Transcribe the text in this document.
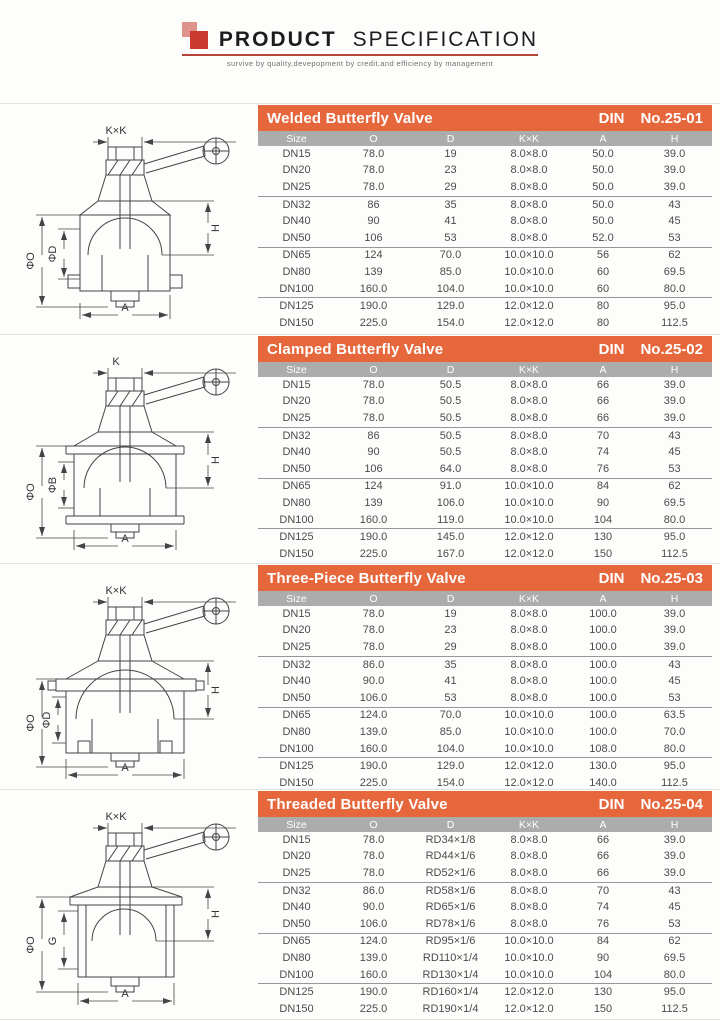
PRODUCT SPECIFICATION
survive by quality,devepopment by credit,and efficiency by management
K×K
ΦO ΦD
H
A
Welded Butterfly Valve	DIN No.25-01
Size	O	D	K×K	A	H
DN15	78.0	19	8.0×8.0	50.0	39.0
DN20	78.0	23	8.0×8.0	50.0	39.0
DN25	78.0	29	8.0×8.0	50.0	39.0
DN32	86	35	8.0×8.0	50.0	43
DN40	90	41	8.0×8.0	50.0	45
DN50	106	53	8.0×8.0	52.0	53
DN65	124	70.0	10.0×10.0	56	62
DN80	139	85.0	10.0×10.0	60	69.5
DN100	160.0	104.0	10.0×10.0	60	80.0
DN125	190.0	129.0	12.0×12.0	80	95.0
DN150	225.0	154.0	12.0×12.0	80	112.5
K
ΦO ΦB
H
A
Clamped Butterfly Valve	DIN No.25-02
Size	O	D	K×K	A	H
DN15	78.0	50.5	8.0×8.0	66	39.0
DN20	78.0	50.5	8.0×8.0	66	39.0
DN25	78.0	50.5	8.0×8.0	66	39.0
DN32	86	50.5	8.0×8.0	70	43
DN40	90	50.5	8.0×8.0	74	45
DN50	106	64.0	8.0×8.0	76	53
DN65	124	91.0	10.0×10.0	84	62
DN80	139	106.0	10.0×10.0	90	69.5
DN100	160.0	119.0	10.0×10.0	104	80.0
DN125	190.0	145.0	12.0×12.0	130	95.0
DN150	225.0	167.0	12.0×12.0	150	112.5
K×K
ΦO ΦD
H
A
Three-Piece Butterfly Valve	DIN No.25-03
Size	O	D	K×K	A	H
DN15	78.0	19	8.0×8.0	100.0	39.0
DN20	78.0	23	8.0×8.0	100.0	39.0
DN25	78.0	29	8.0×8.0	100.0	39.0
DN32	86.0	35	8.0×8.0	100.0	43
DN40	90.0	41	8.0×8.0	100.0	45
DN50	106.0	53	8.0×8.0	100.0	53
DN65	124.0	70.0	10.0×10.0	100.0	63.5
DN80	139.0	85.0	10.0×10.0	100.0	70.0
DN100	160.0	104.0	10.0×10.0	108.0	80.0
DN125	190.0	129.0	12.0×12.0	130.0	95.0
DN150	225.0	154.0	12.0×12.0	140.0	112.5
K×K
ΦO G
H
A
Threaded Butterfly Valve	DIN No.25-04
Size	O	D	K×K	A	H
DN15	78.0	RD34×1/8	8.0×8.0	66	39.0
DN20	78.0	RD44×1/6	8.0×8.0	66	39.0
DN25	78.0	RD52×1/6	8.0×8.0	66	39.0
DN32	86.0	RD58×1/6	8.0×8.0	70	43
DN40	90.0	RD65×1/6	8.0×8.0	74	45
DN50	106.0	RD78×1/6	8.0×8.0	76	53
DN65	124.0	RD95×1/6	10.0×10.0	84	62
DN80	139.0	RD110×1/4	10.0×10.0	90	69.5
DN100	160.0	RD130×1/4	10.0×10.0	104	80.0
DN125	190.0	RD160×1/4	12.0×12.0	130	95.0
DN150	225.0	RD190×1/4	12.0×12.0	150	112.5
